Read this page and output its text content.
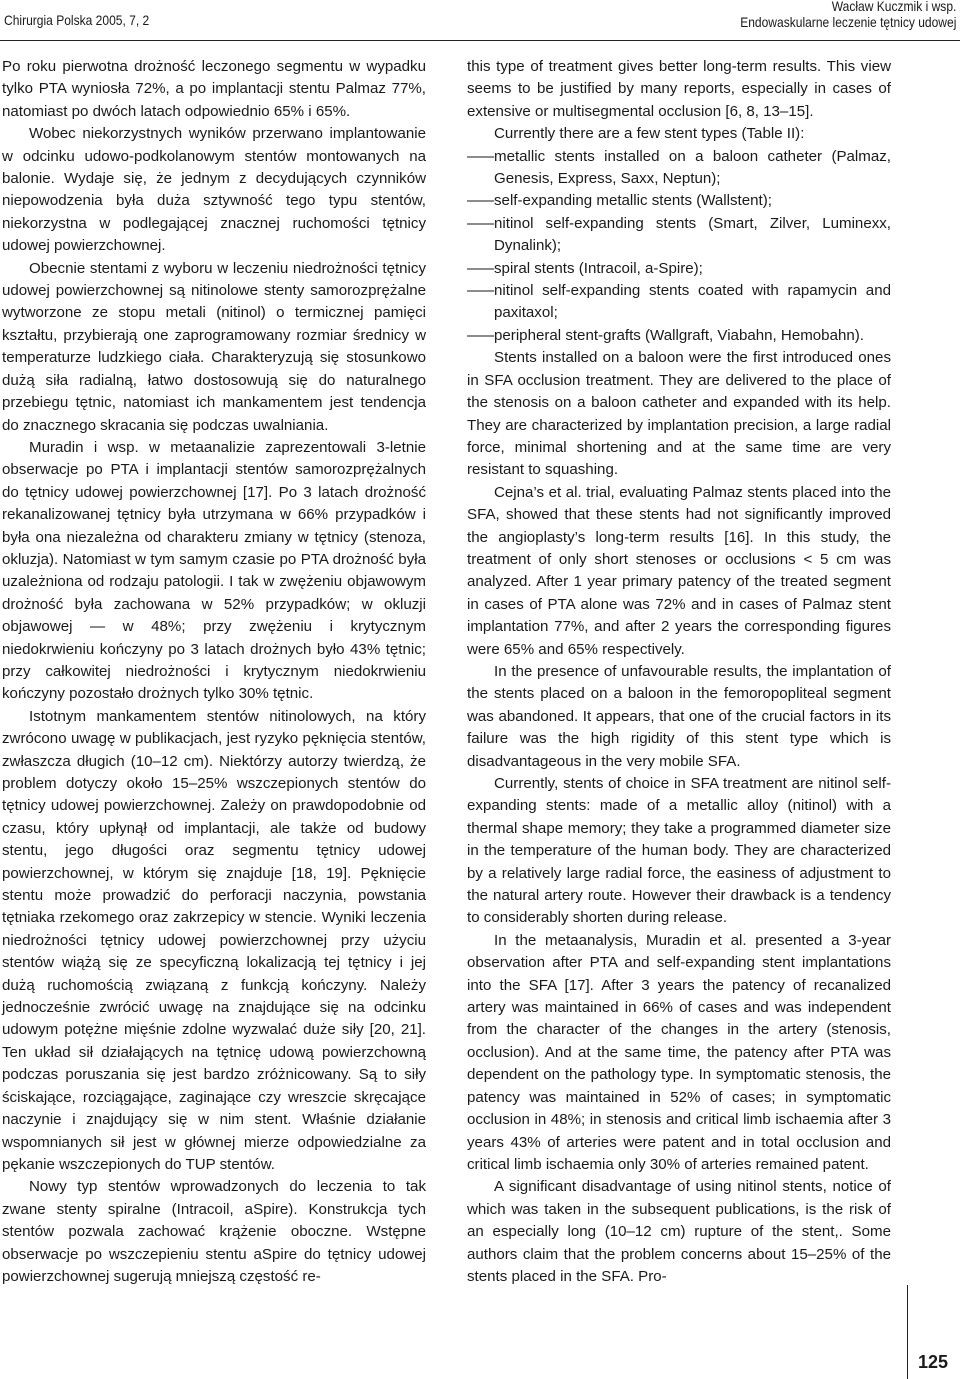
Chirurgia Polska 2005, 7, 2
Wacław Kuczmik i wsp.
Endowaskularne leczenie tętnicy udowej

Po roku pierwotna drożność leczonego segmentu w wypadku tylko PTA wyniosła 72%, a po implantacji stentu Palmaz 77%, natomiast po dwóch latach odpowiednio 65% i 65%.

Wobec niekorzystnych wyników przerwano implantowanie w odcinku udowo-podkolanowym stentów montowanych na balonie. Wydaje się, że jednym z decydujących czynników niepowodzenia była duża sztywność tego typu stentów, niekorzystna w podlegającej znacznej ruchomości tętnicy udowej powierzchownej.

Obecnie stentami z wyboru w leczeniu niedrożności tętnicy udowej powierzchownej są nitinolowe stenty samorozprężalne wytworzone ze stopu metali (nitinol) o termicznej pamięci kształtu, przybierają one zaprogramowany rozmiar średnicy w temperaturze ludzkiego ciała. Charakteryzują się stosunkowo dużą siła radialną, łatwo dostosowują się do naturalnego przebiegu tętnic, natomiast ich mankamentem jest tendencja do znacznego skracania się podczas uwalniania.

Muradin i wsp. w metaanalizie zaprezentowali 3-letnie obserwacje po PTA i implantacji stentów samorozprężalnych do tętnicy udowej powierzchownej [17]. Po 3 latach drożność rekanalizowanej tętnicy była utrzymana w 66% przypadków i była ona niezależna od charakteru zmiany w tętnicy (stenoza, okluzja). Natomiast w tym samym czasie po PTA drożność była uzależniona od rodzaju patologii. I tak w zwężeniu objawowym drożność była zachowana w 52% przypadków; w okluzji objawowej — w 48%; przy zwężeniu i krytycznym niedokrwieniu kończyny po 3 latach drożnych było 43% tętnic; przy całkowitej niedrożności i krytycznym niedokrwieniu kończyny pozostało drożnych tylko 30% tętnic.

Istotnym mankamentem stentów nitinolowych, na który zwrócono uwagę w publikacjach, jest ryzyko pęknięcia stentów, zwłaszcza długich (10–12 cm). Niektórzy autorzy twierdzą, że problem dotyczy około 15–25% wszczepionych stentów do tętnicy udowej powierzchownej. Zależy on prawdopodobnie od czasu, który upłynął od implantacji, ale także od budowy stentu, jego długości oraz segmentu tętnicy udowej powierzchownej, w którym się znajduje [18, 19]. Pęknięcie stentu może prowadzić do perforacji naczynia, powstania tętniaka rzekomego oraz zakrzepicy w stencie. Wyniki leczenia niedrożności tętnicy udowej powierzchownej przy użyciu stentów wiążą się ze specyficzną lokalizacją tej tętnicy i jej dużą ruchomością związaną z funkcją kończyny. Należy jednocześnie zwrócić uwagę na znajdujące się na odcinku udowym potężne mięśnie zdolne wyzwalać duże siły [20, 21]. Ten układ sił działających na tętnicę udową powierzchowną podczas poruszania się jest bardzo zróżnicowany. Są to siły ściskające, rozciągające, zaginające czy wreszcie skręcające naczynie i znajdujący się w nim stent. Właśnie działanie wspomnianych sił jest w głównej mierze odpowiedzialne za pękanie wszczepionych do TUP stentów.

Nowy typ stentów wprowadzonych do leczenia to tak zwane stenty spiralne (Intracoil, aSpire). Konstrukcja tych stentów pozwala zachować krążenie oboczne. Wstępne obserwacje po wszczepieniu stentu aSpire do tętnicy udowej powierzchownej sugerują mniejszą częstość re-

this type of treatment gives better long-term results. This view seems to be justified by many reports, especially in cases of extensive or multisegmental occlusion [6, 8, 13–15].

Currently there are a few stent types (Table II):

—— metallic stents installed on a baloon catheter (Palmaz, Genesis, Express, Saxx, Neptun);
—— self-expanding metallic stents (Wallstent);
—— nitinol self-expanding stents (Smart, Zilver, Luminexx, Dynalink);
—— spiral stents (Intracoil, a-Spire);
—— nitinol self-expanding stents coated with rapamycin and paxitaxol;
—— peripheral stent-grafts (Wallgraft, Viabahn, Hemobahn).

Stents installed on a baloon were the first introduced ones in SFA occlusion treatment. They are delivered to the place of the stenosis on a baloon catheter and expanded with its help. They are characterized by implantation precision, a large radial force, minimal shortening and at the same time are very resistant to squashing.

Cejna’s et al. trial, evaluating Palmaz stents placed into the SFA, showed that these stents had not significantly improved the angioplasty’s long-term results [16]. In this study, the treatment of only short stenoses or occlusions < 5 cm was analyzed. After 1 year primary patency of the treated segment in cases of PTA alone was 72% and in cases of Palmaz stent implantation 77%, and after 2 years the corresponding figures were 65% and 65% respectively.

In the presence of unfavourable results, the implantation of the stents placed on a baloon in the femoropopliteal segment was abandoned. It appears, that one of the crucial factors in its failure was the high rigidity of this stent type which is disadvantageous in the very mobile SFA.

Currently, stents of choice in SFA treatment are nitinol self-expanding stents: made of a metallic alloy (nitinol) with a thermal shape memory; they take a programmed diameter size in the temperature of the human body. They are characterized by a relatively large radial force, the easiness of adjustment to the natural artery route. However their drawback is a tendency to considerably shorten during release.

In the metaanalysis, Muradin et al. presented a 3-year observation after PTA and self-expanding stent implantations into the SFA [17]. After 3 years the patency of recanalized artery was maintained in 66% of cases and was independent from the character of the changes in the artery (stenosis, occlusion). And at the same time, the patency after PTA was dependent on the pathology type. In symptomatic stenosis, the patency was maintained in 52% of cases; in symptomatic occlusion in 48%; in stenosis and critical limb ischaemia after 3 years 43% of arteries were patent and in total occlusion and critical limb ischaemia only 30% of arteries remained patent.

A significant disadvantage of using nitinol stents, notice of which was taken in the subsequent publications, is the risk of an especially long (10–12 cm) rupture of the stent,. Some authors claim that the problem concerns about 15–25% of the stents placed in the SFA. Pro-

125
